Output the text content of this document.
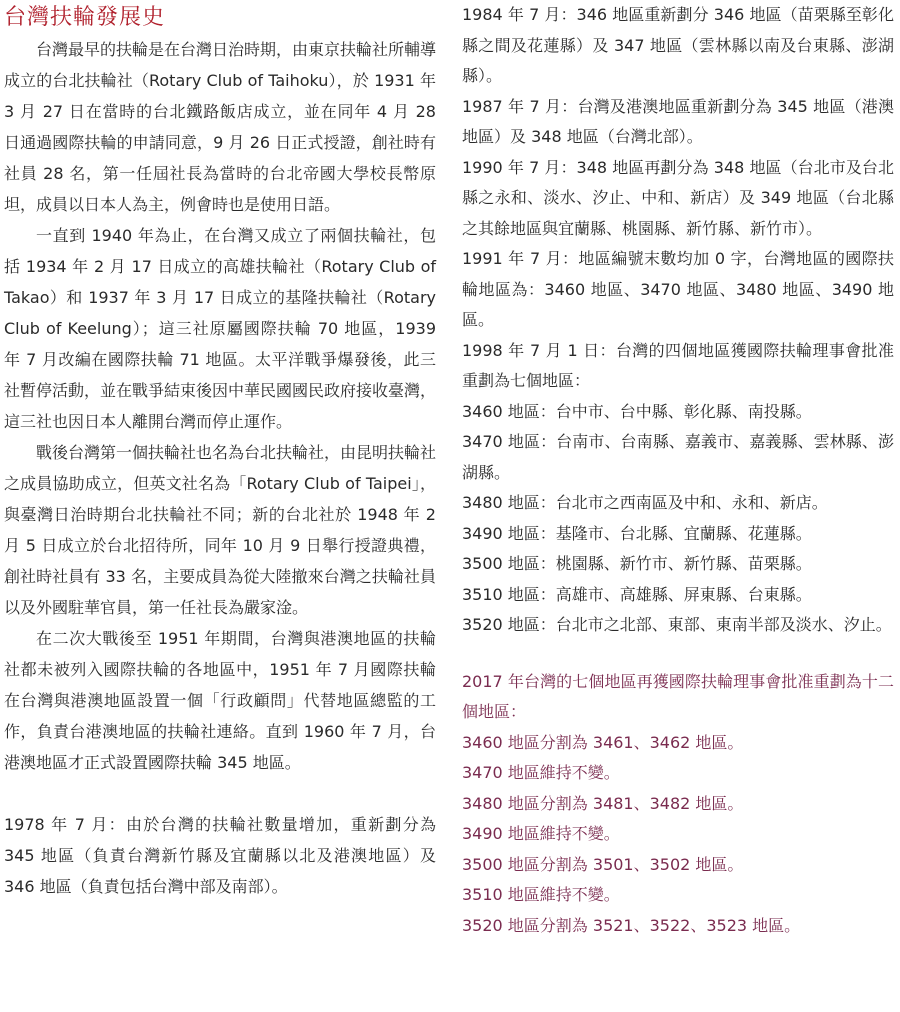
台灣扶輪發展史

台灣最早的扶輪是在台灣日治時期，由東京扶輪社所輔導成立的台北扶輪社（Rotary Club of Taihoku），於 1931 年 3 月 27 日在當時的台北鐵路飯店成立，並在同年 4 月 28 日通過國際扶輪的申請同意，9 月 26 日正式授證，創社時有社員 28 名，第一任屆社長為當時的台北帝國大學校長幣原坦，成員以日本人為主，例會時也是使用日語。

一直到 1940 年為止，在台灣又成立了兩個扶輪社，包括 1934 年 2 月 17 日成立的高雄扶輪社（Rotary Club of Takao）和 1937 年 3 月 17 日成立的基隆扶輪社（Rotary Club of Keelung）；這三社原屬國際扶輪 70 地區，1939 年 7 月改編在國際扶輪 71 地區。太平洋戰爭爆發後，此三社暫停活動，並在戰爭結束後因中華民國國民政府接收臺灣，這三社也因日本人離開台灣而停止運作。

戰後台灣第一個扶輪社也名為台北扶輪社，由昆明扶輪社之成員協助成立，但英文社名為「Rotary Club of Taipei」，與臺灣日治時期台北扶輪社不同；新的台北社於 1948 年 2 月 5 日成立於台北招待所，同年 10 月 9 日舉行授證典禮，創社時社員有 33 名，主要成員為從大陸撤來台灣之扶輪社員以及外國駐華官員，第一任社長為嚴家淦。

在二次大戰後至 1951 年期間，台灣與港澳地區的扶輪社都未被列入國際扶輪的各地區中，1951 年 7 月國際扶輪在台灣與港澳地區設置一個「行政顧問」代替地區總監的工作，負責台港澳地區的扶輪社連絡。直到 1960 年 7 月，台港澳地區才正式設置國際扶輪 345 地區。

1978 年 7 月：由於台灣的扶輪社數量增加，重新劃分為 345 地區（負責台灣新竹縣及宜蘭縣以北及港澳地區）及 346 地區（負責包括台灣中部及南部）。

1984 年 7 月：346 地區重新劃分 346 地區（苗栗縣至彰化縣之間及花蓮縣）及 347 地區（雲林縣以南及台東縣、澎湖縣）。

1987 年 7 月：台灣及港澳地區重新劃分為 345 地區（港澳地區）及 348 地區（台灣北部）。

1990 年 7 月：348 地區再劃分為 348 地區（台北市及台北縣之永和、淡水、汐止、中和、新店）及 349 地區（台北縣之其餘地區與宜蘭縣、桃園縣、新竹縣、新竹市）。

1991 年 7 月：地區編號末數均加 0 字，台灣地區的國際扶輪地區為：3460 地區、3470 地區、3480 地區、3490 地區。

1998 年 7 月 1 日：台灣的四個地區獲國際扶輪理事會批准重劃為七個地區：

3460 地區：台中市、台中縣、彰化縣、南投縣。

3470 地區：台南市、台南縣、嘉義市、嘉義縣、雲林縣、澎湖縣。

3480 地區：台北市之西南區及中和、永和、新店。

3490 地區：基隆市、台北縣、宜蘭縣、花蓮縣。

3500 地區：桃園縣、新竹市、新竹縣、苗栗縣。

3510 地區：高雄市、高雄縣、屏東縣、台東縣。

3520 地區：台北市之北部、東部、東南半部及淡水、汐止。

2017 年台灣的七個地區再獲國際扶輪理事會批准重劃為十二個地區：

3460 地區分割為 3461、3462 地區。

3470 地區維持不變。

3480 地區分割為 3481、3482 地區。

3490 地區維持不變。

3500 地區分割為 3501、3502 地區。

3510 地區維持不變。

3520 地區分割為 3521、3522、3523 地區。
